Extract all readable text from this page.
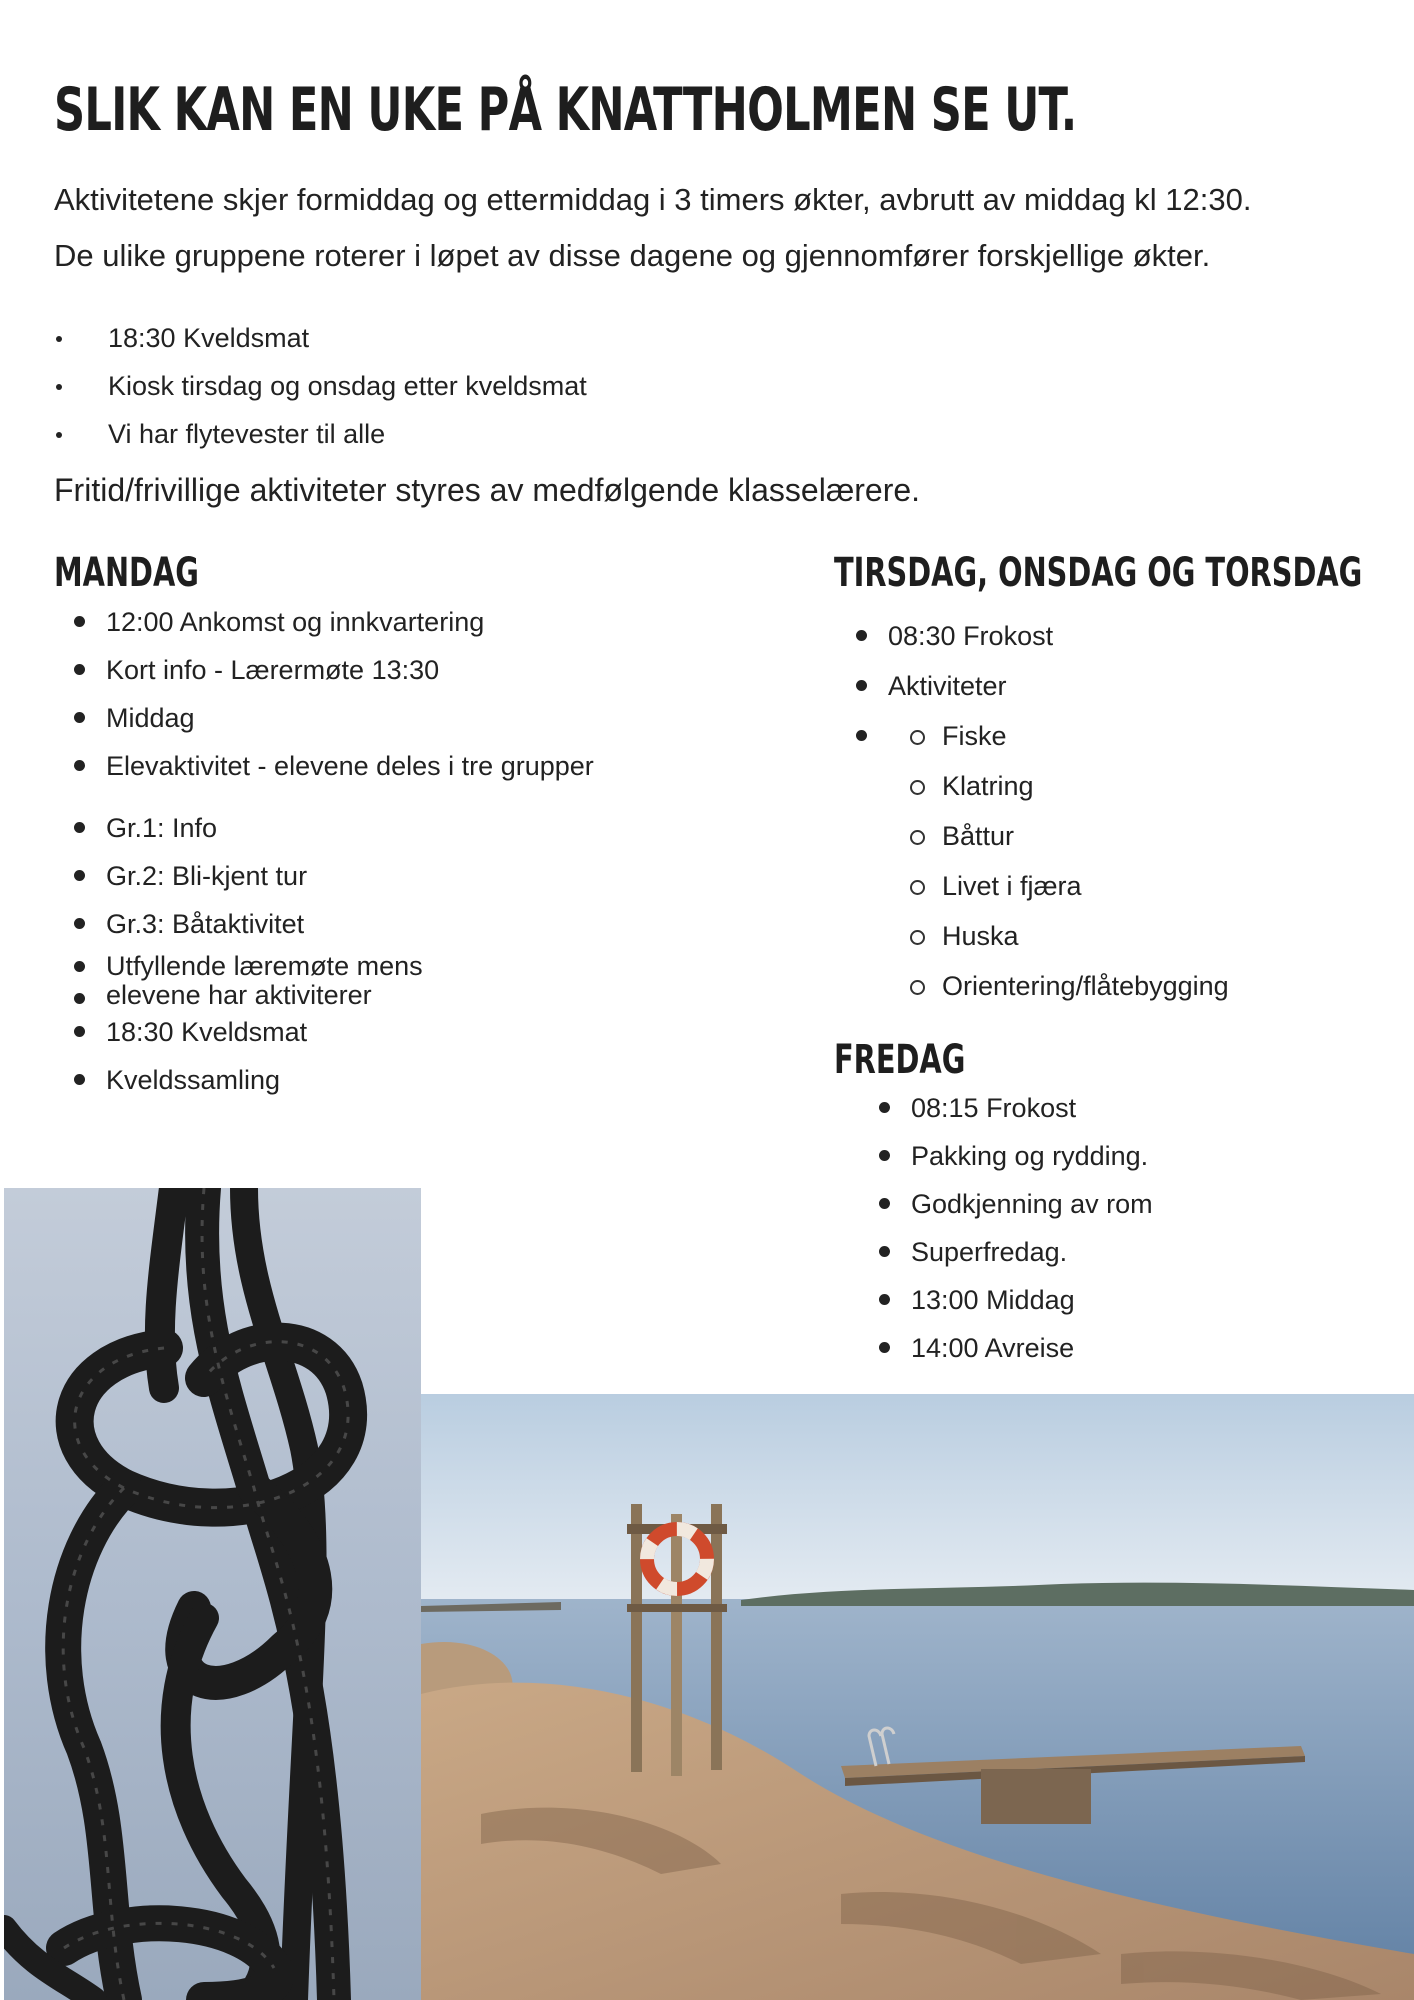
SLIK KAN EN UKE PÅ KNATTHOLMEN SE UT.

Aktivitetene skjer formiddag og ettermiddag i 3 timers økter, avbrutt av middag kl 12:30.

De ulike gruppene roterer i løpet av disse dagene og gjennomfører forskjellige økter.

18:30 Kveldsmat
Kiosk tirsdag og onsdag etter kveldsmat
Vi har flytevester til alle

Fritid/frivillige aktiviteter styres av medfølgende klasselærere.

MANDAG
12:00 Ankomst og innkvartering
Kort info - Lærermøte 13:30
Middag
Elevaktivitet - elevene deles i tre grupper
Gr.1: Info
Gr.2: Bli-kjent tur
Gr.3: Båtaktivitet
Utfyllende læremøte mens
elevene har aktiviterer
18:30 Kveldsmat
Kveldssamling
TIRSDAG, ONSDAG OG TORSDAG
08:30 Frokost
Aktiviteter
Fiske
Klatring
Båttur
Livet i fjæra
Huska
Orientering/flåtebygging
FREDAG
08:15 Frokost
Pakking og rydding.
Godkjenning av rom
Superfredag.
13:00 Middag
14:00 Avreise
